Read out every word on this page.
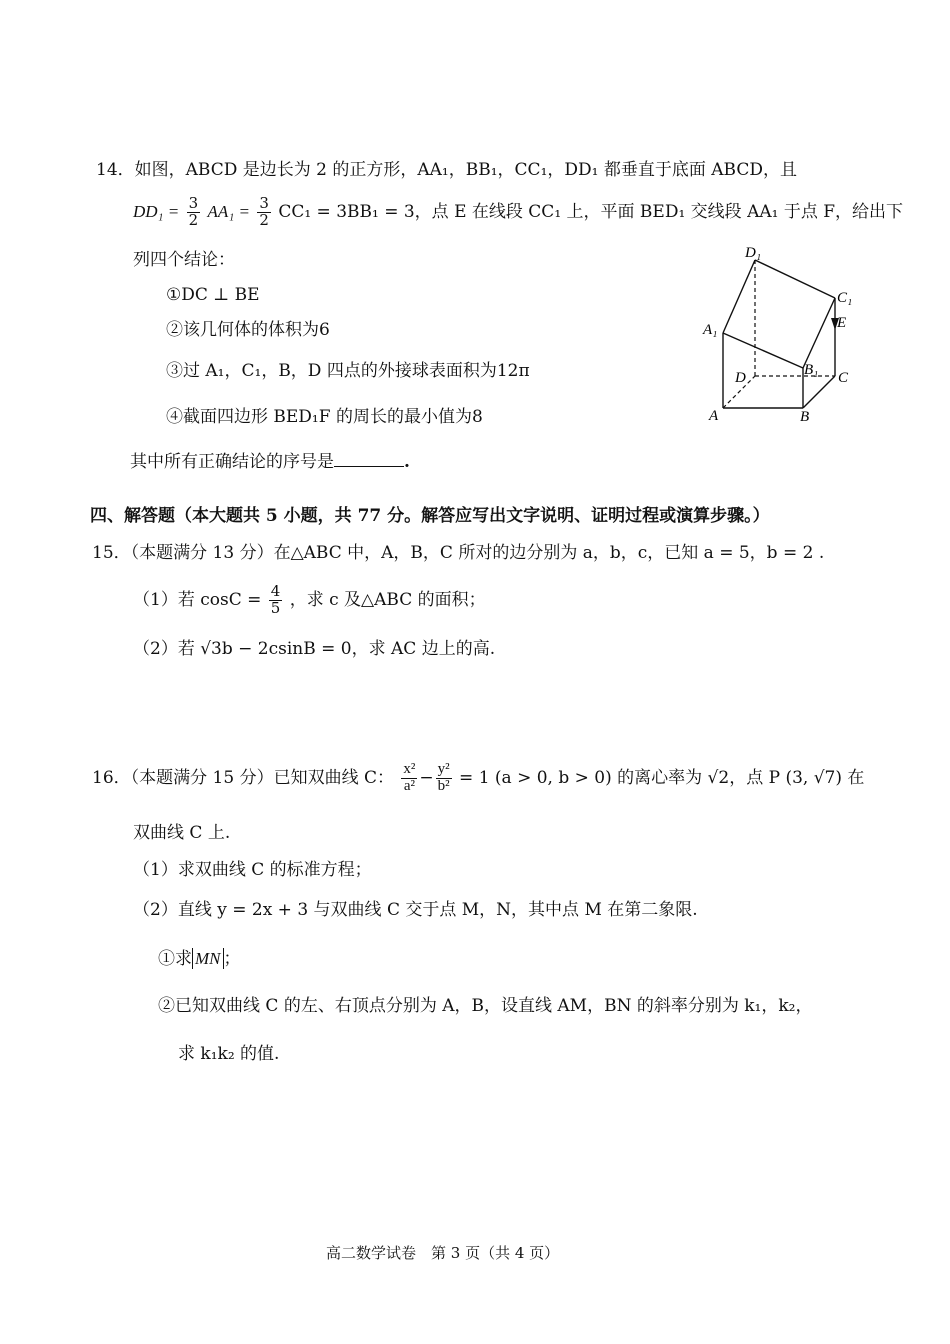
14．如图，ABCD 是边长为 2 的正方形，AA₁，BB₁，CC₁，DD₁ 都垂直于底面 ABCD，且
$DD_1 = \frac{3}{2} AA_1 = \frac{3}{2} CC_1 = 3BB_1 = 3$，点 E 在线段 CC₁ 上，平面 BED₁ 交线段 AA₁ 于点 F，给出下
列四个结论：
①DC ⊥ BE
②该几何体的体积为6
③过 A₁，C₁，B，D 四点的外接球表面积为12π
④截面四边形 BED₁F 的周长的最小值为8
其中所有正确结论的序号是	.
D₁
C₁
E
A₁
B₁
D	C
A	B
四、解答题（本大题共 5 小题，共 77 分。解答应写出文字说明、证明过程或演算步骤。）
15．（本题满分 13 分）在△ABC 中，A，B，C 所对的边分别为 a，b，c，已知 a = 5，b = 2 .
（1）若 $\cos C = \frac{4}{5}$ ，求 c 及△ABC 的面积；
（2）若 √3b − 2csinB = 0，求 AC 边上的高.
16．（本题满分 15 分）已知双曲线 C： $\frac{\text{x²}}{\text{a²}} - \frac{\text{y²}}{\text{b²}} = 1$ (a > 0, b > 0) 的离心率为 √2，点 P (3, √7) 在
双曲线 C 上.
（1）求双曲线 C 的标准方程；
（2）直线 y = 2x + 3 与双曲线 C 交于点 M，N，其中点 M 在第二象限.
①求 MN ；
②已知双曲线 C 的左、右顶点分别为 A，B，设直线 AM，BN 的斜率分别为 k₁，k₂，
求 k₁k₂ 的值.
高二数学试卷　第 3 页（共 4 页）
